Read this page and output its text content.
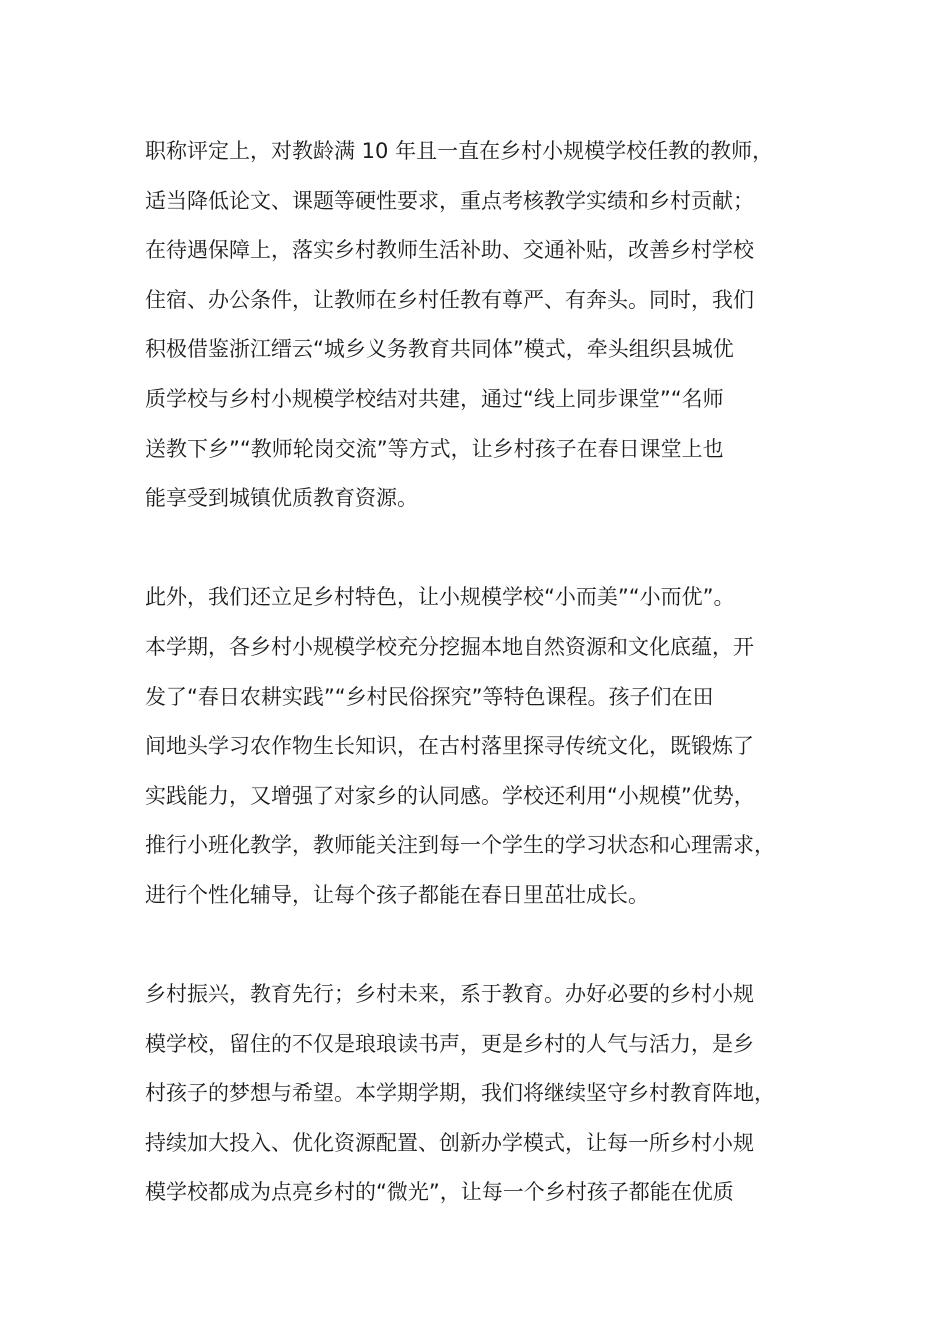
职称评定上，对教龄满 10 年且一直在乡村小规模学校任教的教师，
适当降低论文、课题等硬性要求，重点考核教学实绩和乡村贡献；
在待遇保障上，落实乡村教师生活补助、交通补贴，改善乡村学校
住宿、办公条件，让教师在乡村任教有尊严、有奔头。同时，我们
积极借鉴浙江缙云“城乡义务教育共同体”模式，牵头组织县城优
质学校与乡村小规模学校结对共建，通过“线上同步课堂”“名师
送教下乡”“教师轮岗交流”等方式，让乡村孩子在春日课堂上也
能享受到城镇优质教育资源。
此外，我们还立足乡村特色，让小规模学校“小而美”“小而优”。
本学期，各乡村小规模学校充分挖掘本地自然资源和文化底蕴，开
发了“春日农耕实践”“乡村民俗探究”等特色课程。孩子们在田
间地头学习农作物生长知识，在古村落里探寻传统文化，既锻炼了
实践能力，又增强了对家乡的认同感。学校还利用“小规模”优势，
推行小班化教学，教师能关注到每一个学生的学习状态和心理需求，
进行个性化辅导，让每个孩子都能在春日里茁壮成长。
乡村振兴，教育先行；乡村未来，系于教育。办好必要的乡村小规
模学校，留住的不仅是琅琅读书声，更是乡村的人气与活力，是乡
村孩子的梦想与希望。本学期学期，我们将继续坚守乡村教育阵地，
持续加大投入、优化资源配置、创新办学模式，让每一所乡村小规
模学校都成为点亮乡村的“微光”，让每一个乡村孩子都能在优质
